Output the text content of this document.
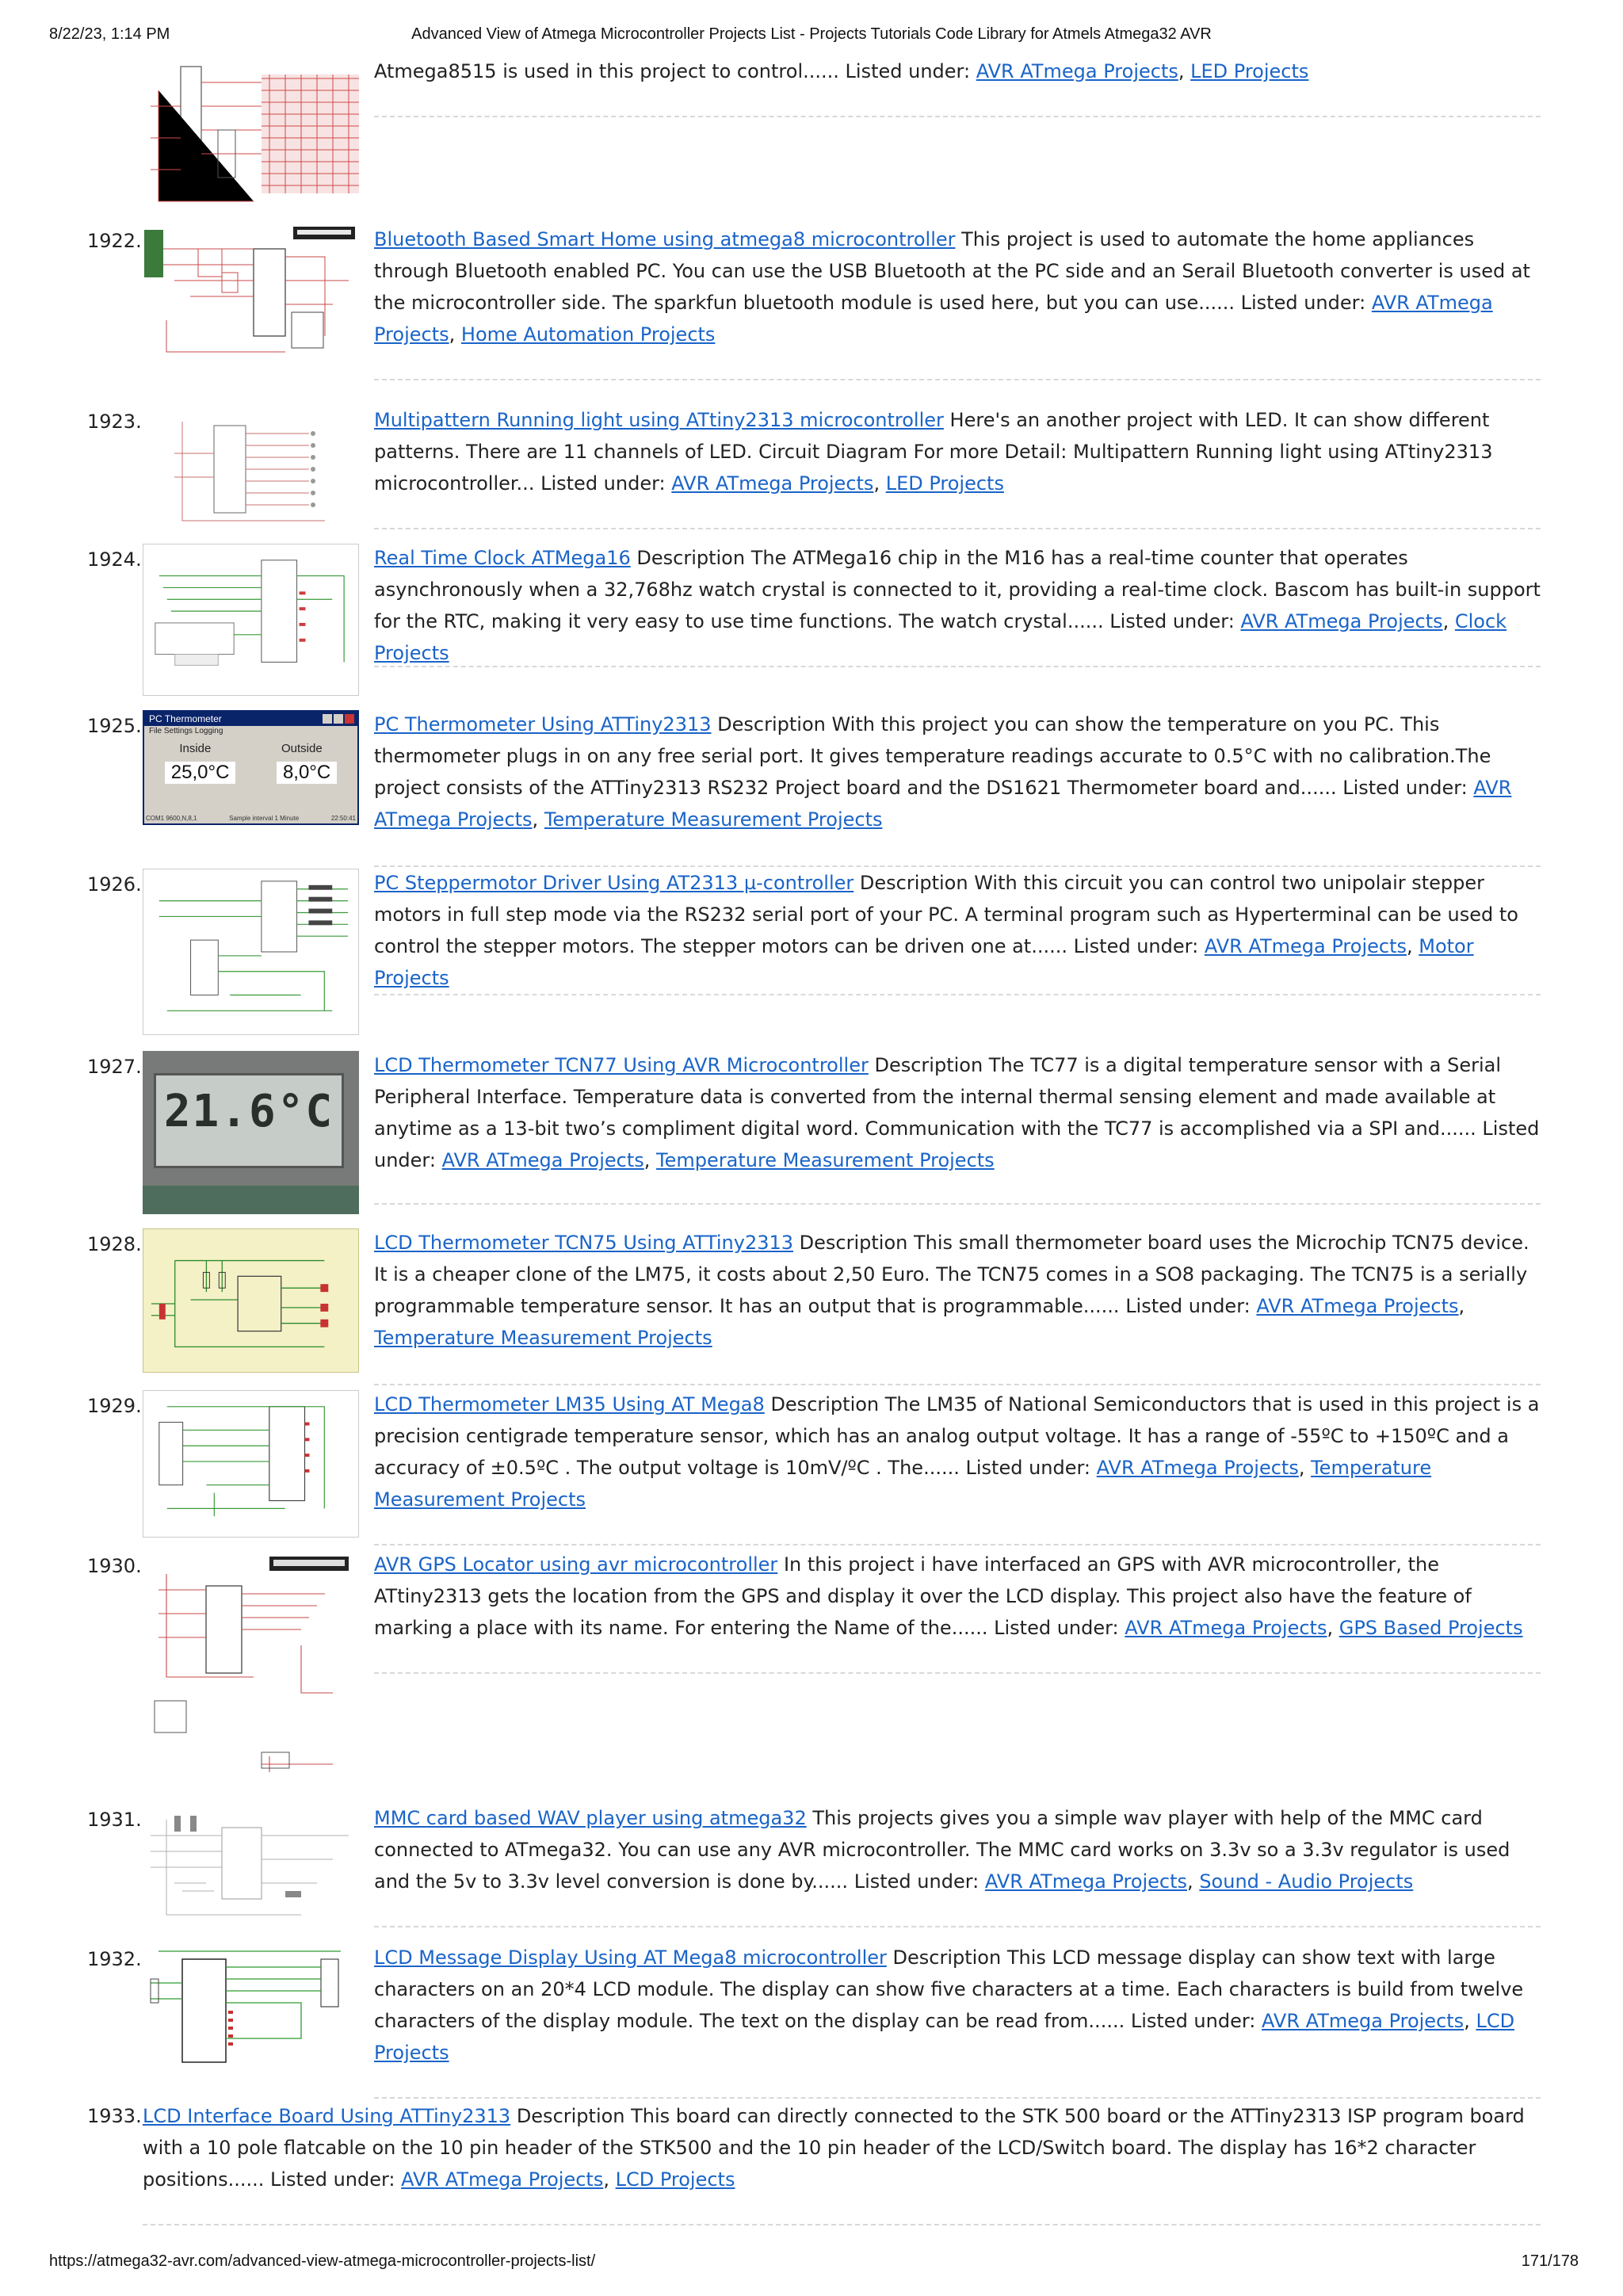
8/22/23, 1:14 PM	Advanced View of Atmega Microcontroller Projects List - Projects Tutorials Code Library for Atmels Atmega32 AVR
Atmega8515 is used in this project to control...... Listed under: AVR ATmega Projects, LED Projects
1922.	Bluetooth Based Smart Home using atmega8 microcontroller This project is used to automate the home appliances through Bluetooth enabled PC. You can use the USB Bluetooth at the PC side and an Serail Bluetooth converter is used at the microcontroller side. The sparkfun bluetooth module is used here, but you can use...... Listed under: AVR ATmega Projects, Home Automation Projects
1923.	Multipattern Running light using ATtiny2313 microcontroller Here's an another project with LED. It can show different patterns. There are 11 channels of LED. Circuit Diagram For more Detail: Multipattern Running light using ATtiny2313 microcontroller... Listed under: AVR ATmega Projects, LED Projects
1924.	Real Time Clock ATMega16 Description The ATMega16 chip in the M16 has a real-time counter that operates asynchronously when a 32,768hz watch crystal is connected to it, providing a real-time clock. Bascom has built-in support for the RTC, making it very easy to use time functions. The watch crystal...... Listed under: AVR ATmega Projects, Clock Projects
1925. PC Thermometer
File Settings Logging
Inside	Outside
25,0°C	8,0°C
COM1 9600,N,8,1	Sample interval 1 Minute	22:50:41
PC Thermometer Using ATTiny2313 Description With this project you can show the temperature on you PC. This thermometer plugs in on any free serial port. It gives temperature readings accurate to 0.5°C with no calibration.The project consists of the ATTiny2313 RS232 Project board and the DS1621 Thermometer board and...... Listed under: AVR ATmega Projects, Temperature Measurement Projects
1926.	PC Steppermotor Driver Using AT2313 µ-controller Description With this circuit you can control two unipolair stepper motors in full step mode via the RS232 serial port of your PC. A terminal program such as Hyperterminal can be used to control the stepper motors. The stepper motors can be driven one at...... Listed under: AVR ATmega Projects, Motor Projects
1927.
21.6°C
LCD Thermometer TCN77 Using AVR Microcontroller Description The TC77 is a digital temperature sensor with a Serial Peripheral Interface. Temperature data is converted from the internal thermal sensing element and made available at anytime as a 13-bit two’s compliment digital word. Communication with the TC77 is accomplished via a SPI and...... Listed under: AVR ATmega Projects, Temperature Measurement Projects
1928.	LCD Thermometer TCN75 Using ATTiny2313 Description This small thermometer board uses the Microchip TCN75 device. It is a cheaper clone of the LM75, it costs about 2,50 Euro. The TCN75 comes in a SO8 packaging. The TCN75 is a serially programmable temperature sensor. It has an output that is programmable...... Listed under: AVR ATmega Projects, Temperature Measurement Projects
1929.	LCD Thermometer LM35 Using AT Mega8 Description The LM35 of National Semiconductors that is used in this project is a precision centigrade temperature sensor, which has an analog output voltage. It has a range of -55ºC to +150ºC and a accuracy of ±0.5ºC . The output voltage is 10mV/ºC . The...... Listed under: AVR ATmega Projects, Temperature Measurement Projects
1930.	AVR GPS Locator using avr microcontroller In this project i have interfaced an GPS with AVR microcontroller, the ATtiny2313 gets the location from the GPS and display it over the LCD display. This project also have the feature of marking a place with its name. For entering the Name of the...... Listed under: AVR ATmega Projects, GPS Based Projects
1931.	MMC card based WAV player using atmega32 This projects gives you a simple wav player with help of the MMC card connected to ATmega32. You can use any AVR microcontroller. The MMC card works on 3.3v so a 3.3v regulator is used and the 5v to 3.3v level conversion is done by...... Listed under: AVR ATmega Projects, Sound - Audio Projects
1932.	LCD Message Display Using AT Mega8 microcontroller Description This LCD message display can show text with large characters on an 20*4 LCD module. The display can show five characters at a time. Each characters is build from twelve characters of the display module. The text on the display can be read from...... Listed under: AVR ATmega Projects, LCD Projects
1933. LCD Interface Board Using ATTiny2313 Description This board can directly connected to the STK 500 board or the ATTiny2313 ISP program board with a 10 pole flatcable on the 10 pin header of the STK500 and the 10 pin header of the LCD/Switch board. The display has 16*2 character positions...... Listed under: AVR ATmega Projects, LCD Projects
https://atmega32-avr.com/advanced-view-atmega-microcontroller-projects-list/	171/178
